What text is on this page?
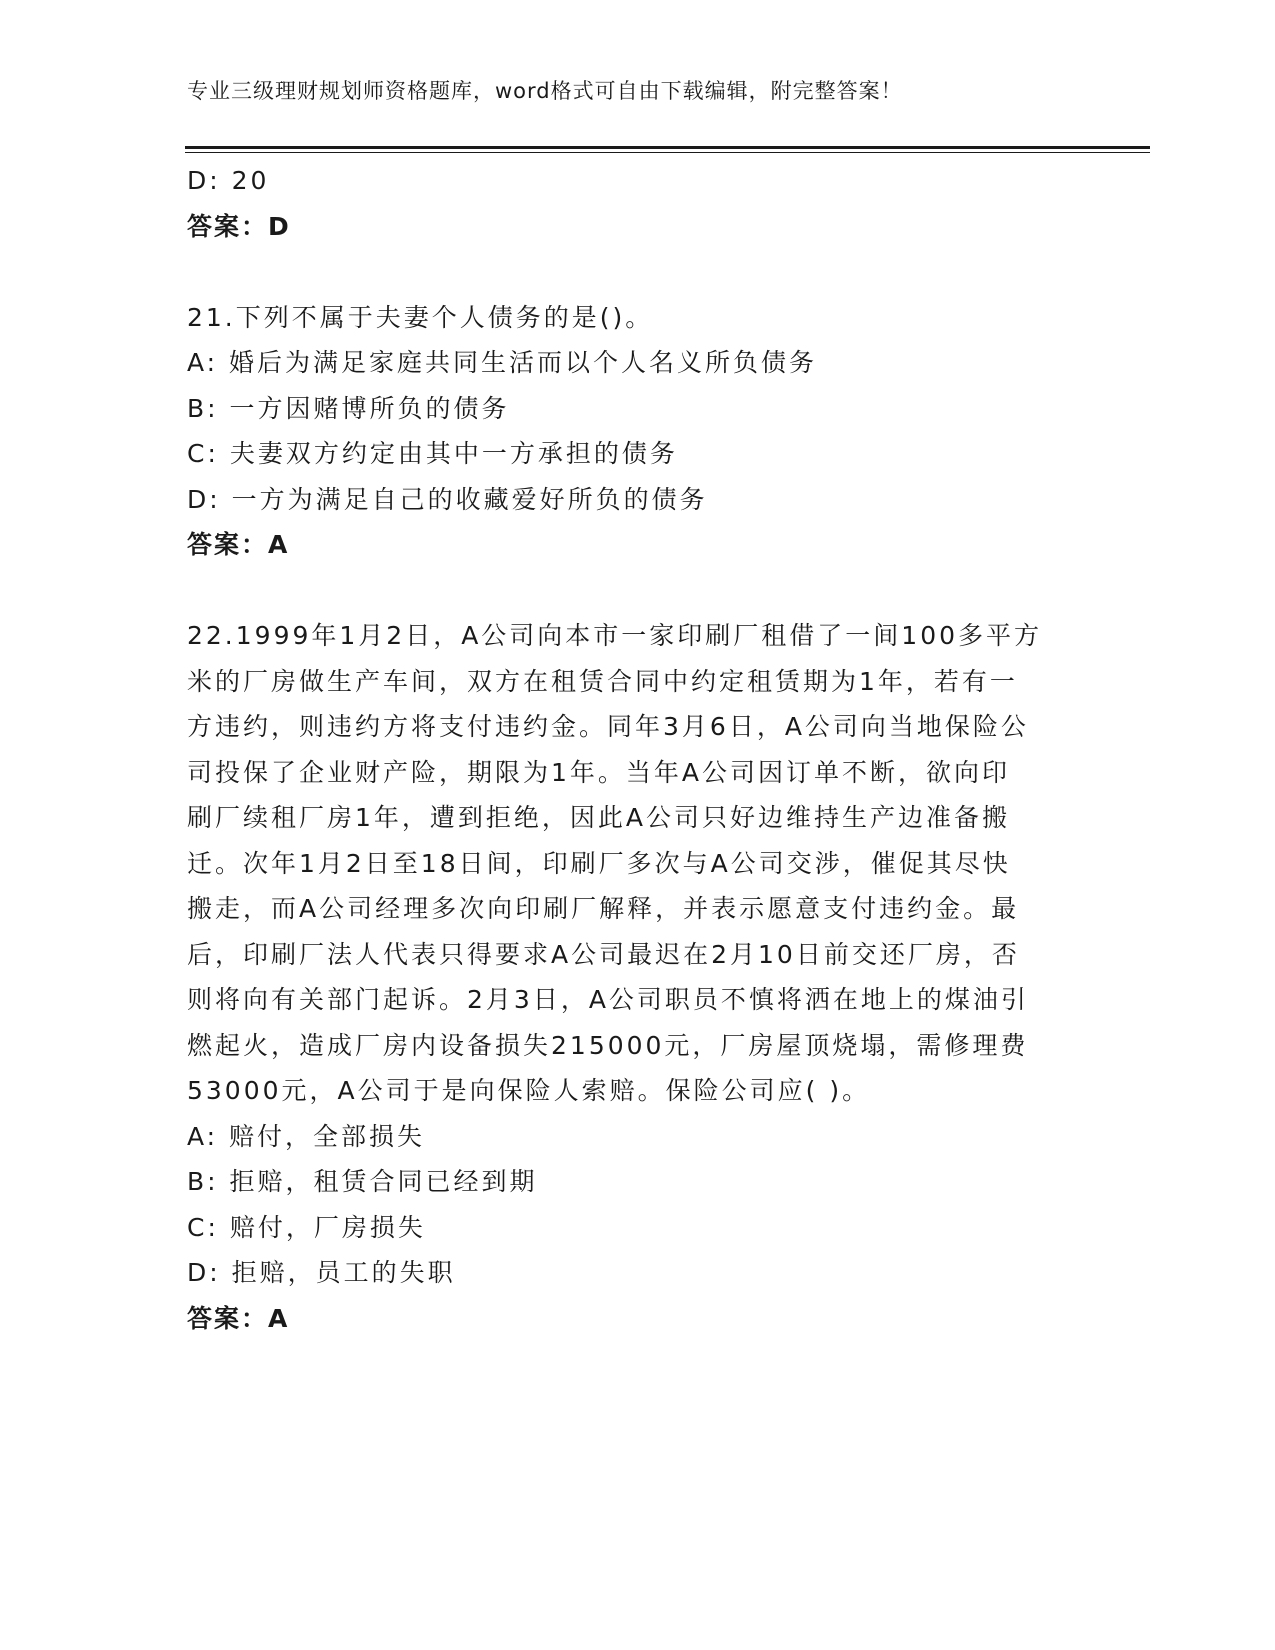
专业三级理财规划师资格题库，word格式可自由下载编辑，附完整答案！
D: 20
答案：D
21.下列不属于夫妻个人债务的是()。
A: 婚后为满足家庭共同生活而以个人名义所负债务
B: 一方因赌博所负的债务
C: 夫妻双方约定由其中一方承担的债务
D: 一方为满足自己的收藏爱好所负的债务
答案：A
22.1999年1月2日，A公司向本市一家印刷厂租借了一间100多平方
米的厂房做生产车间，双方在租赁合同中约定租赁期为1年，若有一
方违约，则违约方将支付违约金。同年3月6日，A公司向当地保险公
司投保了企业财产险，期限为1年。当年A公司因订单不断，欲向印
刷厂续租厂房1年，遭到拒绝，因此A公司只好边维持生产边准备搬
迁。次年1月2日至18日间，印刷厂多次与A公司交涉，催促其尽快
搬走，而A公司经理多次向印刷厂解释，并表示愿意支付违约金。最
后，印刷厂法人代表只得要求A公司最迟在2月10日前交还厂房，否
则将向有关部门起诉。2月3日，A公司职员不慎将洒在地上的煤油引
燃起火，造成厂房内设备损失215000元，厂房屋顶烧塌，需修理费
53000元，A公司于是向保险人索赔。保险公司应( )。
A: 赔付，全部损失
B: 拒赔，租赁合同已经到期
C: 赔付，厂房损失
D: 拒赔，员工的失职
答案：A
